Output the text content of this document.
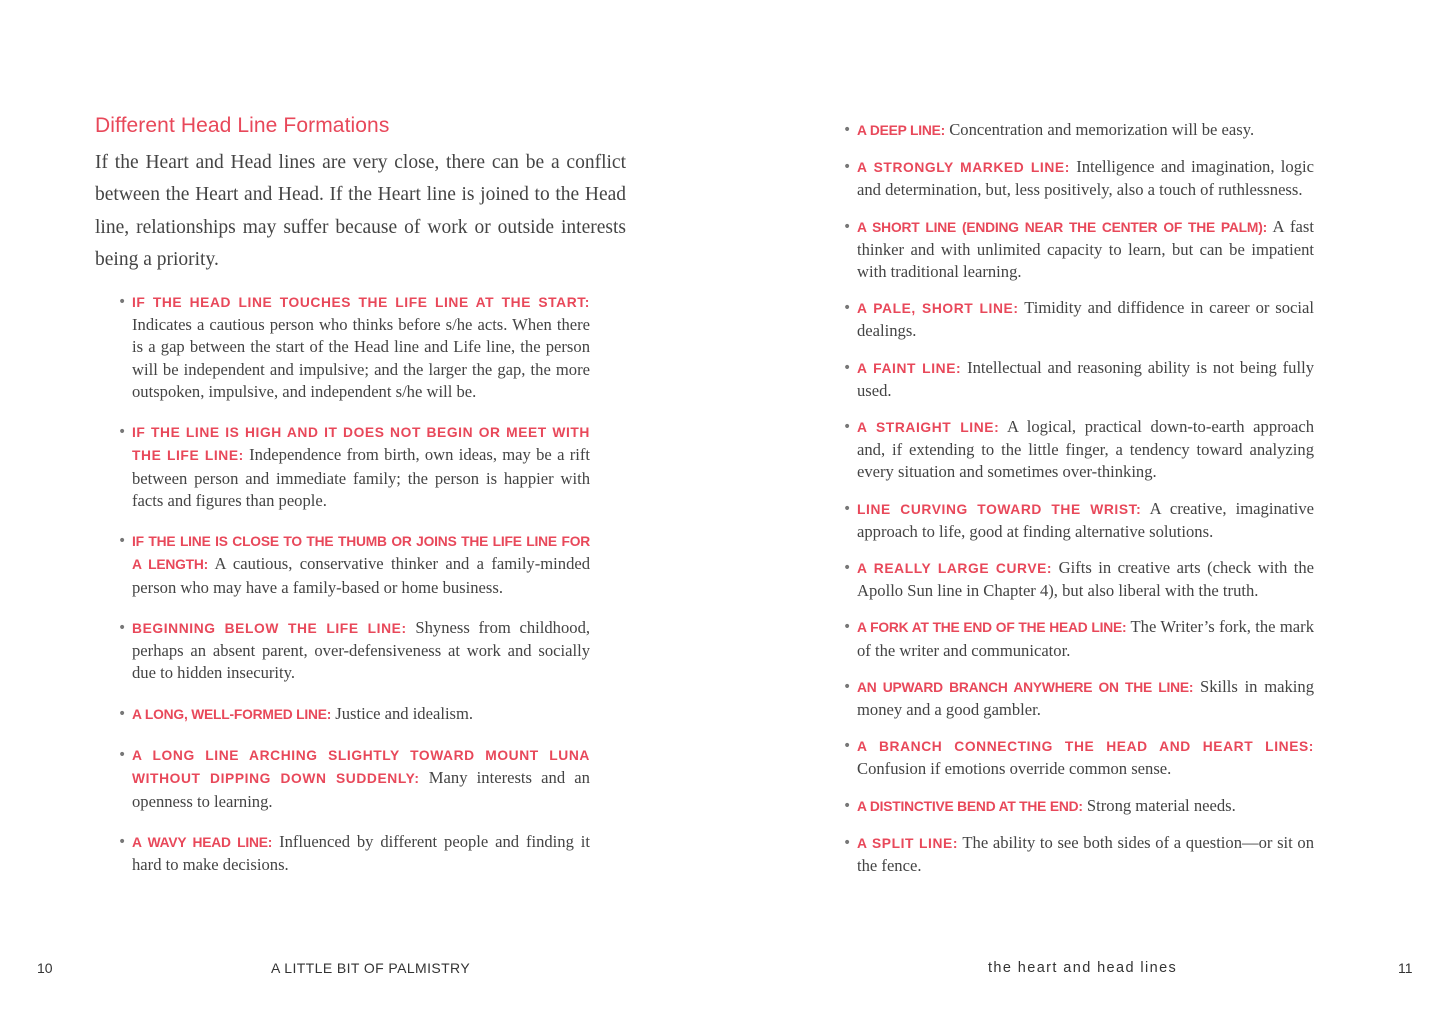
Different Head Line Formations

If the Heart and Head lines are very close, there can be a conflict between the Heart and Head. If the Heart line is joined to the Head line, relationships may suffer because of work or outside interests being a priority.

• IF THE HEAD LINE TOUCHES THE LIFE LINE AT THE START: Indicates a cautious person who thinks before s/he acts. When there is a gap between the start of the Head line and Life line, the person will be independent and impulsive; and the larger the gap, the more outspoken, impulsive, and independent s/he will be.
• IF THE LINE IS HIGH AND IT DOES NOT BEGIN OR MEET WITH THE LIFE LINE: Independence from birth, own ideas, may be a rift between person and immediate family; the person is happier with facts and figures than people.
• IF THE LINE IS CLOSE TO THE THUMB OR JOINS THE LIFE LINE FOR A LENGTH: A cautious, conservative thinker and a family-minded person who may have a family-based or home business.
• BEGINNING BELOW THE LIFE LINE: Shyness from childhood, perhaps an absent parent, over-defensiveness at work and socially due to hidden insecurity.
• A LONG, WELL-FORMED LINE: Justice and idealism.
• A LONG LINE ARCHING SLIGHTLY TOWARD MOUNT LUNA WITHOUT DIPPING DOWN SUDDENLY: Many interests and an openness to learning.
• A WAVY HEAD LINE: Influenced by different people and finding it hard to make decisions.
10	A LITTLE BIT OF PALMISTRY
• A DEEP LINE: Concentration and memorization will be easy.
• A STRONGLY MARKED LINE: Intelligence and imagination, logic and determination, but, less positively, also a touch of ruthlessness.
• A SHORT LINE (ENDING NEAR THE CENTER OF THE PALM): A fast thinker and with unlimited capacity to learn, but can be impatient with traditional learning.
• A PALE, SHORT LINE: Timidity and diffidence in career or social dealings.
• A FAINT LINE: Intellectual and reasoning ability is not being fully used.
• A STRAIGHT LINE: A logical, practical down-to-earth approach and, if extending to the little finger, a tendency toward analyzing every situation and sometimes over-thinking.
• LINE CURVING TOWARD THE WRIST: A creative, imaginative approach to life, good at finding alternative solutions.
• A REALLY LARGE CURVE: Gifts in creative arts (check with the Apollo Sun line in Chapter 4), but also liberal with the truth.
• A FORK AT THE END OF THE HEAD LINE: The Writer’s fork, the mark of the writer and communicator.
• AN UPWARD BRANCH ANYWHERE ON THE LINE: Skills in making money and a good gambler.
• A BRANCH CONNECTING THE HEAD AND HEART LINES: Confusion if emotions override common sense.
• A DISTINCTIVE BEND AT THE END: Strong material needs.
• A SPLIT LINE: The ability to see both sides of a question—or sit on the fence.
the heart and head lines	11
